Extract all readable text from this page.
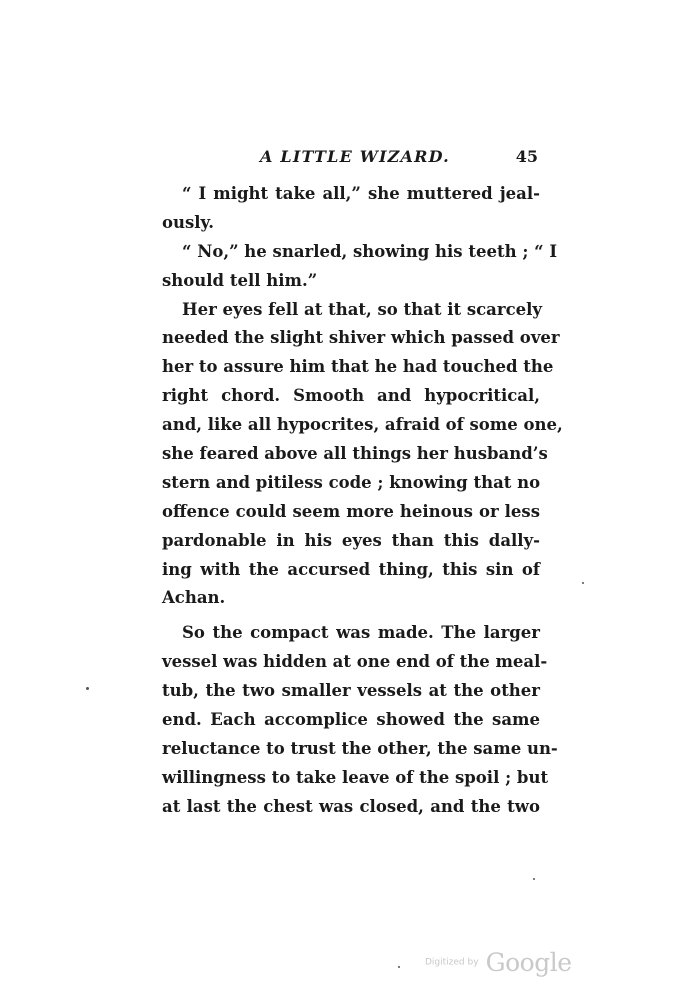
A LITTLE WIZARD.	45
“ I might take all,” she muttered jeal-
ously.
“ No,” he snarled, showing his teeth ; “ I
should tell him.”
Her eyes fell at that, so that it scarcely
needed the slight shiver which passed over
her to assure him that he had touched the
right chord. Smooth and hypocritical,
and, like all hypocrites, afraid of some one,
she feared above all things her husband’s
stern and pitiless code ; knowing that no
offence could seem more heinous or less
pardonable in his eyes than this dally-
ing with the accursed thing, this sin of
Achan.
So the compact was made. The larger
vessel was hidden at one end of the meal-
tub, the two smaller vessels at the other
end. Each accomplice showed the same
reluctance to trust the other, the same un-
willingness to take leave of the spoil ; but
at last the chest was closed, and the two
Digitized by Google
